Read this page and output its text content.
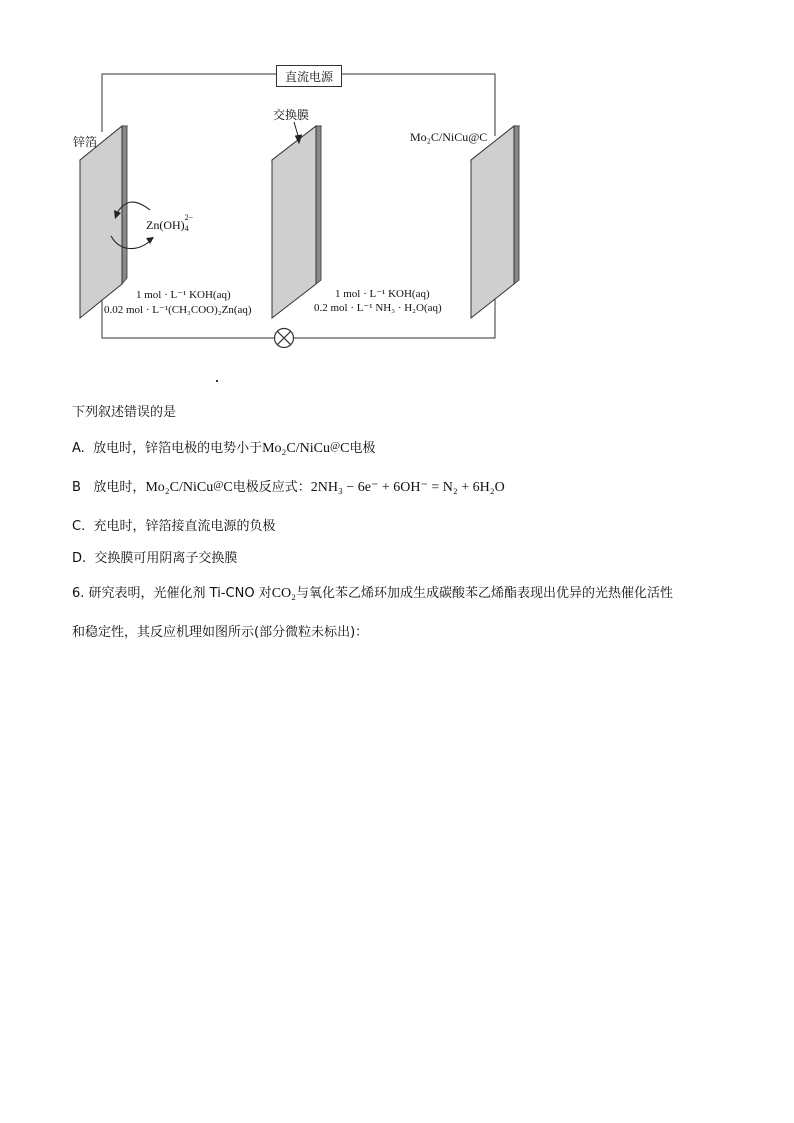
直流电源
锌箔
交换膜
Mo₂C/NiCu@C
Zn(OH)
2−
4
1 mol · L⁻¹ KOH(aq)
0.02 mol · L⁻¹(CH₃COO)₂Zn(aq)
1 mol · L⁻¹ KOH(aq)
0.2 mol · L⁻¹ NH₃ · H₂O(aq)
下列叙述错误的是
A. 放电时，锌箔电极的电势小于Mo₂C/NiCu@C电极
B 放电时，Mo₂C/NiCu@C电极反应式：2NH₃ − 6e⁻ + 6OH⁻ = N₂ + 6H₂O
C. 充电时，锌箔接直流电源的负极
D. 交换膜可用阴离子交换膜
6. 研究表明，光催化剂 Ti-CNO 对CO₂与氧化苯乙烯环加成生成碳酸苯乙烯酯表现出优异的光热催化活性
和稳定性，其反应机理如图所示(部分微粒未标出)：
